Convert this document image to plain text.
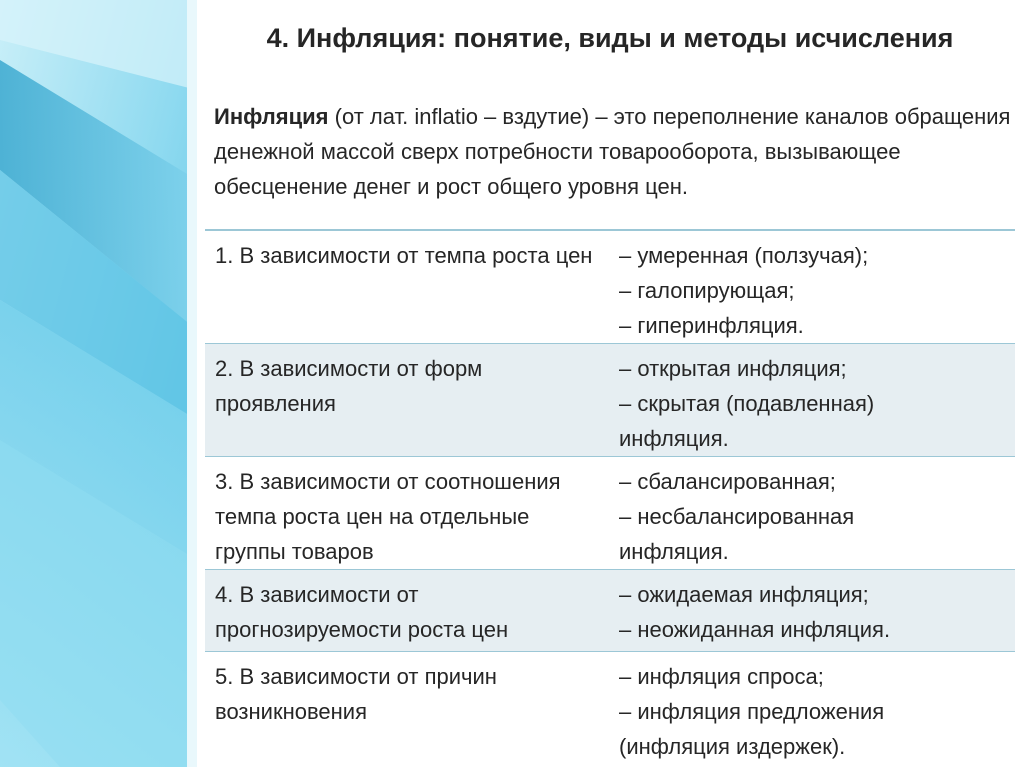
4. Инфляция: понятие, виды и методы исчисления
Инфляция (от лат. inflatio – вздутие) – это переполнение каналов обращения денежной массой сверх потребности товарооборота, вызывающее обесценение денег и рост общего уровня цен.
1. В зависимости от темпа роста цен	– умеренная (ползучая);
– галопирующая;
– гиперинфляция.
2. В зависимости от форм проявления
– открытая инфляция;
– скрытая (подавленная)
инфляция.
3. В зависимости от соотношения темпа роста цен на отдельные группы товаров
– сбалансированная;
– несбалансированная
инфляция.
4. В зависимости от прогнозируемости роста цен
– ожидаемая инфляция;
– неожиданная инфляция.
5. В зависимости от причин возникновения
– инфляция спроса;
– инфляция предложения
(инфляция издержек).
